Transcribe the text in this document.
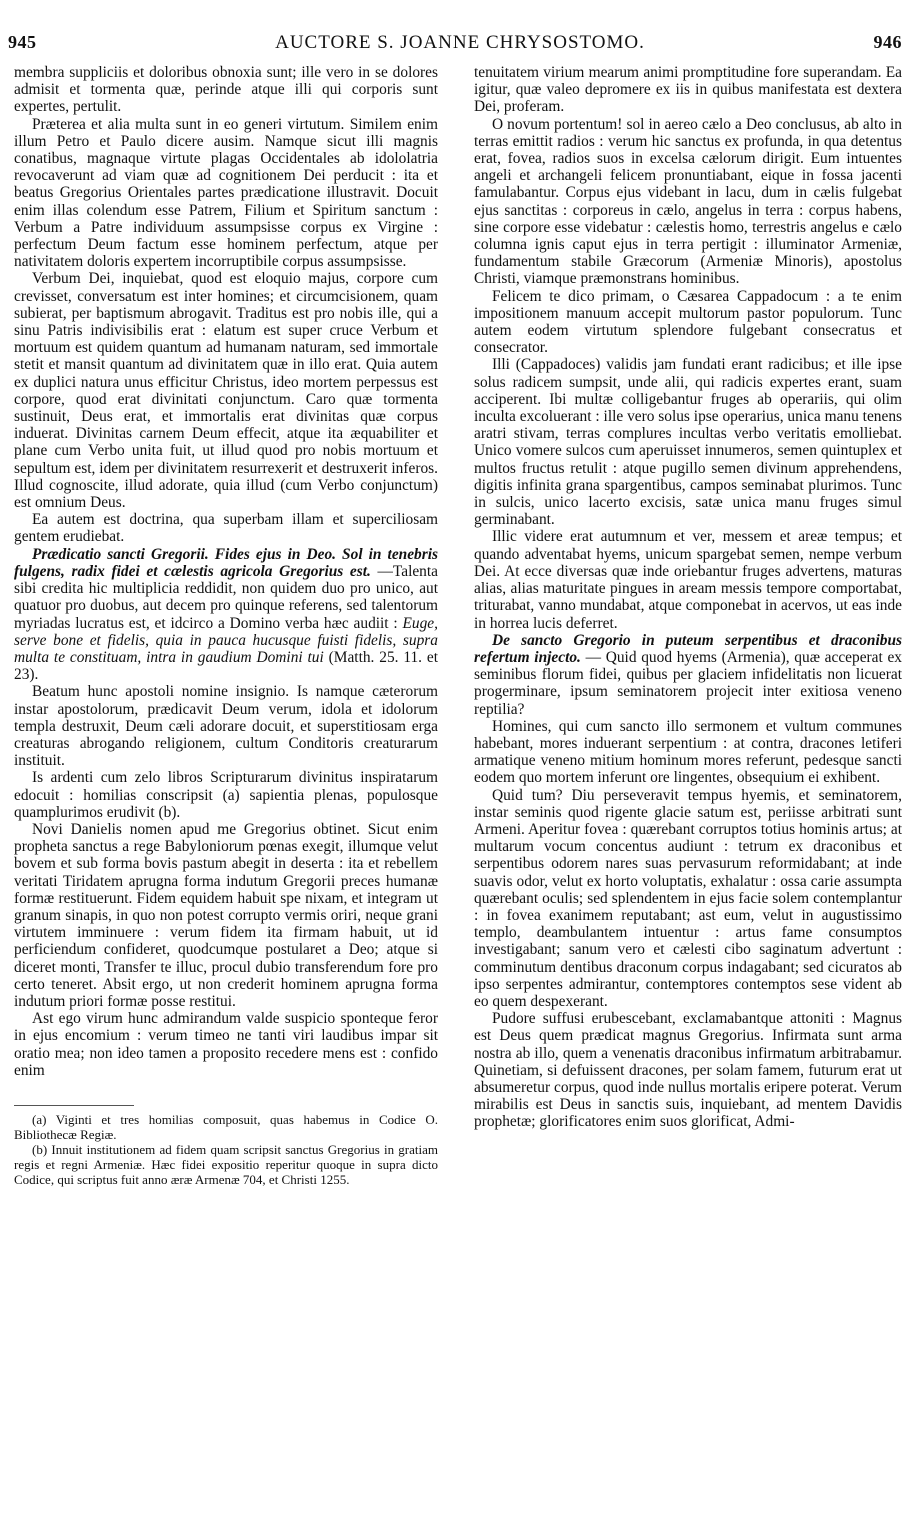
945	AUCTORE S. JOANNE CHRYSOSTOMO.	946

membra suppliciis et doloribus obnoxia sunt; ille vero in se dolores admisit et tormenta quæ, perinde atque illi qui corporis sunt expertes, pertulit.

Præterea et alia multa sunt in eo generi virtutum. Similem enim illum Petro et Paulo dicere ausim. Namque sicut illi magnis conatibus, magnaque virtute plagas Occidentales ab idololatria revocaverunt ad viam quæ ad cognitionem Dei perducit : ita et beatus Gregorius Orientales partes prædicatione illustravit. Docuit enim illas colendum esse Patrem, Filium et Spiritum sanctum : Verbum a Patre individuum assumpsisse corpus ex Virgine : perfectum Deum factum esse hominem perfectum, atque per nativitatem doloris expertem incorruptibile corpus assumpsisse.

Verbum Dei, inquiebat, quod est eloquio majus, corpore cum crevisset, conversatum est inter homines; et circumcisionem, quam subierat, per baptismum abrogavit. Traditus est pro nobis ille, qui a sinu Patris indivisibilis erat : elatum est super cruce Verbum et mortuum est quidem quantum ad humanam naturam, sed immortale stetit et mansit quantum ad divinitatem quæ in illo erat. Quia autem ex duplici natura unus efficitur Christus, ideo mortem perpessus est corpore, quod erat divinitati conjunctum. Caro quæ tormenta sustinuit, Deus erat, et immortalis erat divinitas quæ corpus induerat. Divinitas carnem Deum effecit, atque ita æquabiliter et plane cum Verbo unita fuit, ut illud quod pro nobis mortuum et sepultum est, idem per divinitatem resurrexerit et destruxerit inferos. Illud cognoscite, illud adorate, quia illud (cum Verbo conjunctum) est omnium Deus.

Ea autem est doctrina, qua superbam illam et superciliosam gentem erudiebat.

Prædicatio sancti Gregorii. Fides ejus in Deo. Sol in tenebris fulgens, radix fidei et cælestis agricola Gregorius est. —Talenta sibi credita hic multiplicia reddidit, non quidem duo pro unico, aut quatuor pro duobus, aut decem pro quinque referens, sed talentorum myriadas lucratus est, et idcirco a Domino verba hæc audiit : Euge, serve bone et fidelis, quia in pauca hucusque fuisti fidelis, supra multa te constituam, intra in gaudium Domini tui (Matth. 25. 11. et 23).

Beatum hunc apostoli nomine insignio. Is namque cæterorum instar apostolorum, prædicavit Deum verum, idola et idolorum templa destruxit, Deum cæli adorare docuit, et superstitiosam erga creaturas abrogando religionem, cultum Conditoris creaturarum instituit.

Is ardenti cum zelo libros Scripturarum divinitus inspiratarum edocuit : homilias conscripsit (a) sapientia plenas, populosque quamplurimos erudivit (b).

Novi Danielis nomen apud me Gregorius obtinet. Sicut enim propheta sanctus a rege Babyloniorum pœnas exegit, illumque velut bovem et sub forma bovis pastum abegit in deserta : ita et rebellem veritati Tiridatem aprugna forma indutum Gregorii preces humanæ formæ restituerunt. Fidem equidem habuit spe nixam, et integram ut granum sinapis, in quo non potest corrupto vermis oriri, neque grani virtutem imminuere : verum fidem ita firmam habuit, ut id perficiendum confideret, quodcumque postularet a Deo; atque si diceret monti, Transfer te illuc, procul dubio transferendum fore pro certo teneret. Absit ergo, ut non crederit hominem aprugna forma indutum priori formæ posse restitui.

Ast ego virum hunc admirandum valde suspicio sponteque feror in ejus encomium : verum timeo ne tanti viri laudibus impar sit oratio mea; non ideo tamen a proposito recedere mens est : confido enim

(a) Viginti et tres homilias composuit, quas habemus in Codice O. Bibliothecæ Regiæ.

(b) Innuit institutionem ad fidem quam scripsit sanctus Gregorius in gratiam regis et regni Armeniæ. Hæc fidei expositio reperitur quoque in supra dicto Codice, qui scriptus fuit anno æræ Armenæ 704, et Christi 1255.

tenuitatem virium mearum animi promptitudine fore superandam. Ea igitur, quæ valeo depromere ex iis in quibus manifestata est dextera Dei, proferam.

O novum portentum! sol in aereo cælo a Deo conclusus, ab alto in terras emittit radios : verum hic sanctus ex profunda, in qua detentus erat, fovea, radios suos in excelsa cælorum dirigit. Eum intuentes angeli et archangeli felicem pronuntiabant, eique in fossa jacenti famulabantur. Corpus ejus videbant in lacu, dum in cælis fulgebat ejus sanctitas : corporeus in cælo, angelus in terra : corpus habens, sine corpore esse videbatur : cælestis homo, terrestris angelus e cælo columna ignis caput ejus in terra pertigit : illuminator Armeniæ, fundamentum stabile Græcorum (Armeniæ Minoris), apostolus Christi, viamque præmonstrans hominibus.

Felicem te dico primam, o Cæsarea Cappadocum : a te enim impositionem manuum accepit multorum pastor populorum. Tunc autem eodem virtutum splendore fulgebant consecratus et consecrator.

Illi (Cappadoces) validis jam fundati erant radicibus; et ille ipse solus radicem sumpsit, unde alii, qui radicis expertes erant, suam acciperent. Ibi multæ colligebantur fruges ab operariis, qui olim inculta excoluerant : ille vero solus ipse operarius, unica manu tenens aratri stivam, terras complures incultas verbo veritatis emolliebat. Unico vomere sulcos cum aperuisset innumeros, semen quintuplex et multos fructus retulit : atque pugillo semen divinum apprehendens, digitis infinita grana spargentibus, campos seminabat plurimos. Tunc in sulcis, unico lacerto excisis, satæ unica manu fruges simul germinabant.

Illic videre erat autumnum et ver, messem et areæ tempus; et quando adventabat hyems, unicum spargebat semen, nempe verbum Dei. At ecce diversas quæ inde oriebantur fruges advertens, maturas alias, alias maturitate pingues in aream messis tempore comportabat, triturabat, vanno mundabat, atque componebat in acervos, ut eas inde in horrea lucis deferret.

De sancto Gregorio in puteum serpentibus et draconibus refertum injecto. — Quid quod hyems (Armenia), quæ acceperat ex seminibus florum fidei, quibus per glaciem infidelitatis non licuerat progerminare, ipsum seminatorem projecit inter exitiosa veneno reptilia?

Homines, qui cum sancto illo sermonem et vultum communes habebant, mores induerant serpentium : at contra, dracones letiferi armatique veneno mitium hominum mores referunt, pedesque sancti eodem quo mortem inferunt ore lingentes, obsequium ei exhibent.

Quid tum? Diu perseveravit tempus hyemis, et seminatorem, instar seminis quod rigente glacie satum est, periisse arbitrati sunt Armeni. Aperitur fovea : quærebant corruptos totius hominis artus; at multarum vocum concentus audiunt : tetrum ex draconibus et serpentibus odorem nares suas pervasurum reformidabant; at inde suavis odor, velut ex horto voluptatis, exhalatur : ossa carie assumpta quærebant oculis; sed splendentem in ejus facie solem contemplantur : in fovea exanimem reputabant; ast eum, velut in augustissimo templo, deambulantem intuentur : artus fame consumptos investigabant; sanum vero et cælesti cibo saginatum advertunt : comminutum dentibus draconum corpus indagabant; sed cicuratos ab ipso serpentes admirantur, contemptores contemptos sese vident ab eo quem despexerant.

Pudore suffusi erubescebant, exclamabantque attoniti : Magnus est Deus quem prædicat magnus Gregorius. Infirmata sunt arma nostra ab illo, quem a venenatis draconibus infirmatum arbitrabamur. Quinetiam, si defuissent dracones, per solam famem, futurum erat ut absumeretur corpus, quod inde nullus mortalis eripere poterat. Verum mirabilis est Deus in sanctis suis, inquiebant, ad mentem Davidis prophetæ; glorificatores enim suos glorificat, Admi-
